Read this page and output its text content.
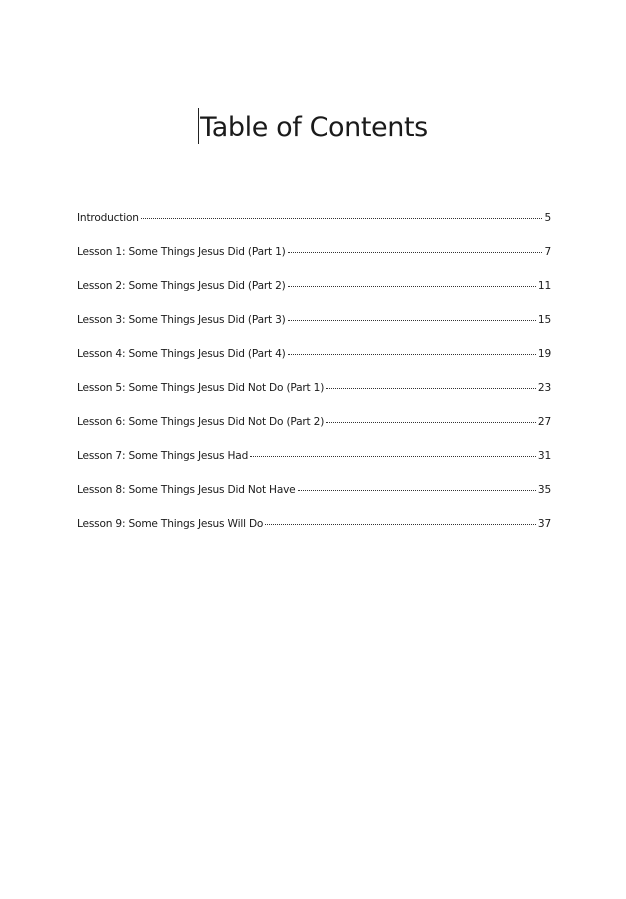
Table of Contents
Introduction	5
Lesson 1: Some Things Jesus Did (Part 1)	7
Lesson 2: Some Things Jesus Did (Part 2)	11
Lesson 3: Some Things Jesus Did (Part 3)	15
Lesson 4: Some Things Jesus Did (Part 4)	19
Lesson 5: Some Things Jesus Did Not Do (Part 1)	23
Lesson 6: Some Things Jesus Did Not Do (Part 2)	27
Lesson 7: Some Things Jesus Had	31
Lesson 8: Some Things Jesus Did Not Have	35
Lesson 9: Some Things Jesus Will Do	37
